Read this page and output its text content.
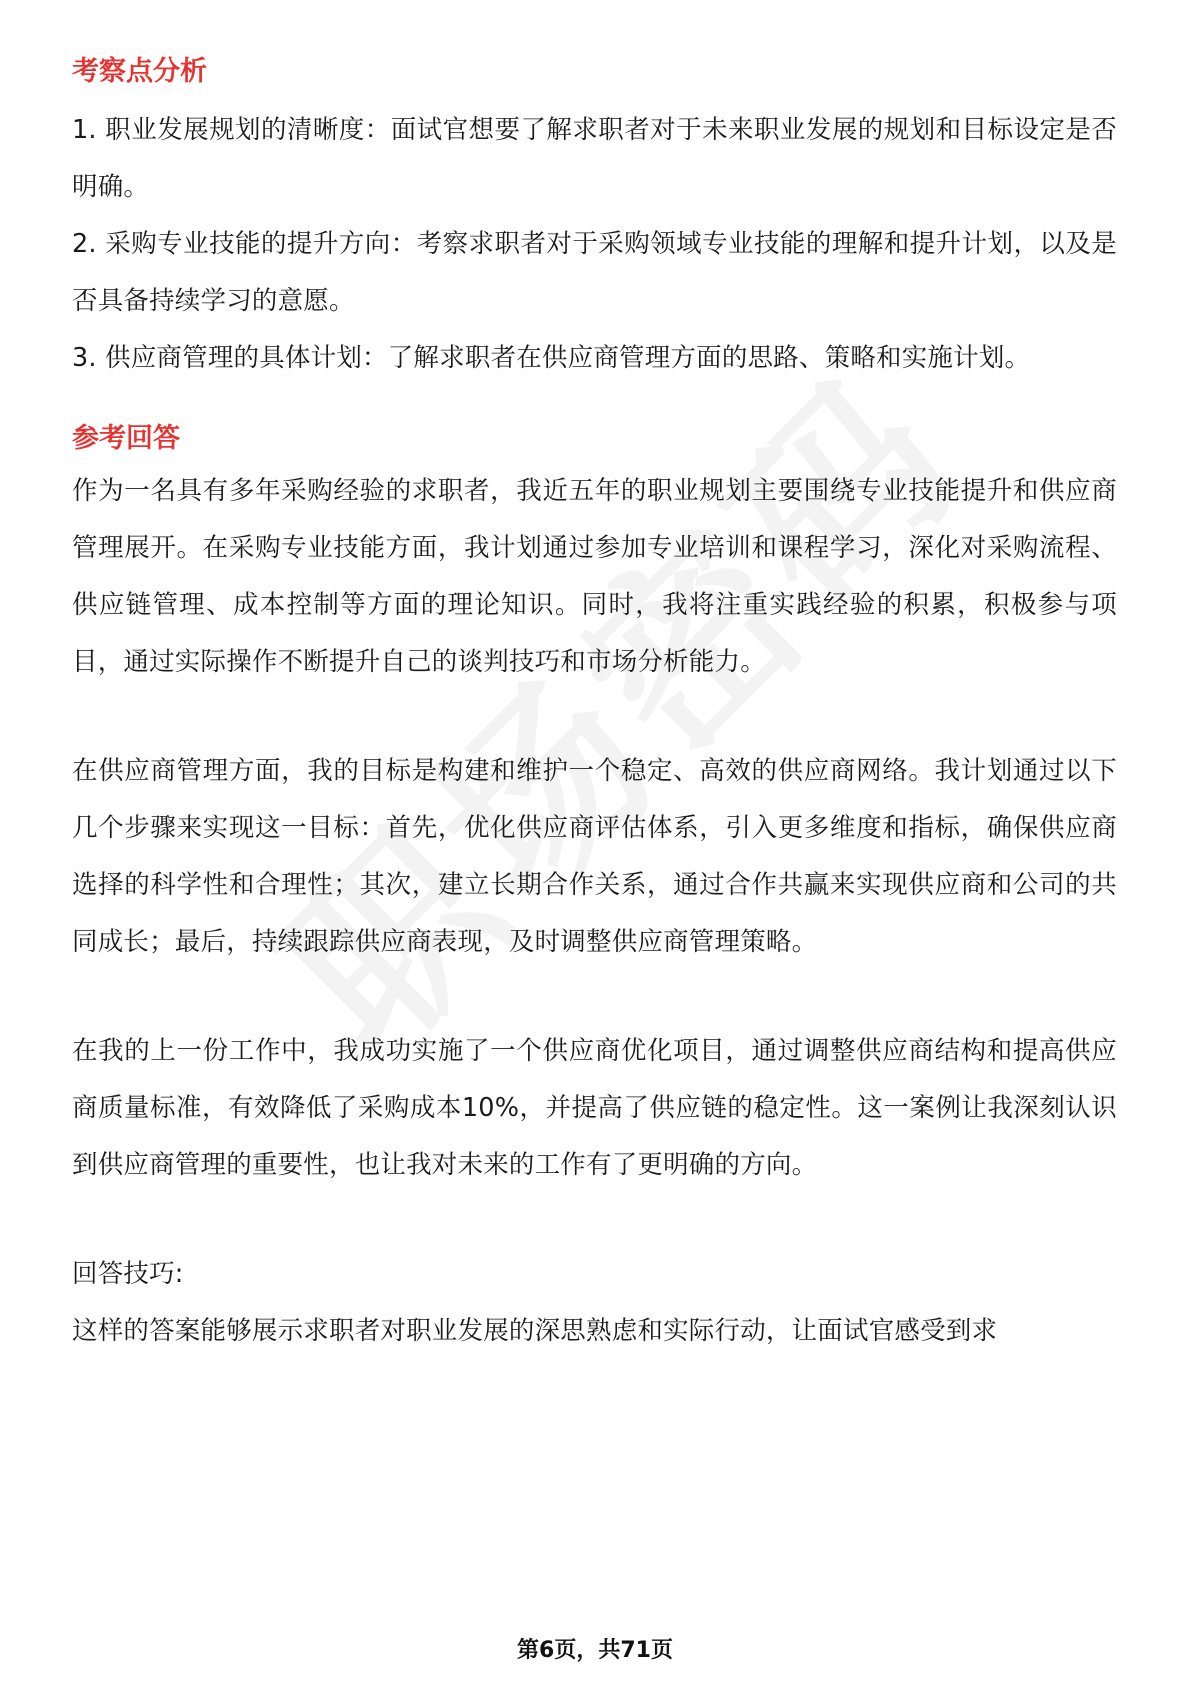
考察点分析

1. 职业发展规划的清晰度：面试官想要了解求职者对于未来职业发展的规划和目标设定是否明确。

2. 采购专业技能的提升方向：考察求职者对于采购领域专业技能的理解和提升计划，以及是否具备持续学习的意愿。

3. 供应商管理的具体计划：了解求职者在供应商管理方面的思路、策略和实施计划。

参考回答

作为一名具有多年采购经验的求职者，我近五年的职业规划主要围绕专业技能提升和供应商管理展开。在采购专业技能方面，我计划通过参加专业培训和课程学习，深化对采购流程、供应链管理、成本控制等方面的理论知识。同时，我将注重实践经验的积累，积极参与项目，通过实际操作不断提升自己的谈判技巧和市场分析能力。

在供应商管理方面，我的目标是构建和维护一个稳定、高效的供应商网络。我计划通过以下几个步骤来实现这一目标：首先，优化供应商评估体系，引入更多维度和指标，确保供应商选择的科学性和合理性；其次，建立长期合作关系，通过合作共赢来实现供应商和公司的共同成长；最后，持续跟踪供应商表现，及时调整供应商管理策略。

在我的上一份工作中，我成功实施了一个供应商优化项目，通过调整供应商结构和提高供应商质量标准，有效降低了采购成本10%，并提高了供应链的稳定性。这一案例让我深刻认识到供应商管理的重要性，也让我对未来的工作有了更明确的方向。

回答技巧:

这样的答案能够展示求职者对职业发展的深思熟虑和实际行动，让面试官感受到求

第6页，共71页
